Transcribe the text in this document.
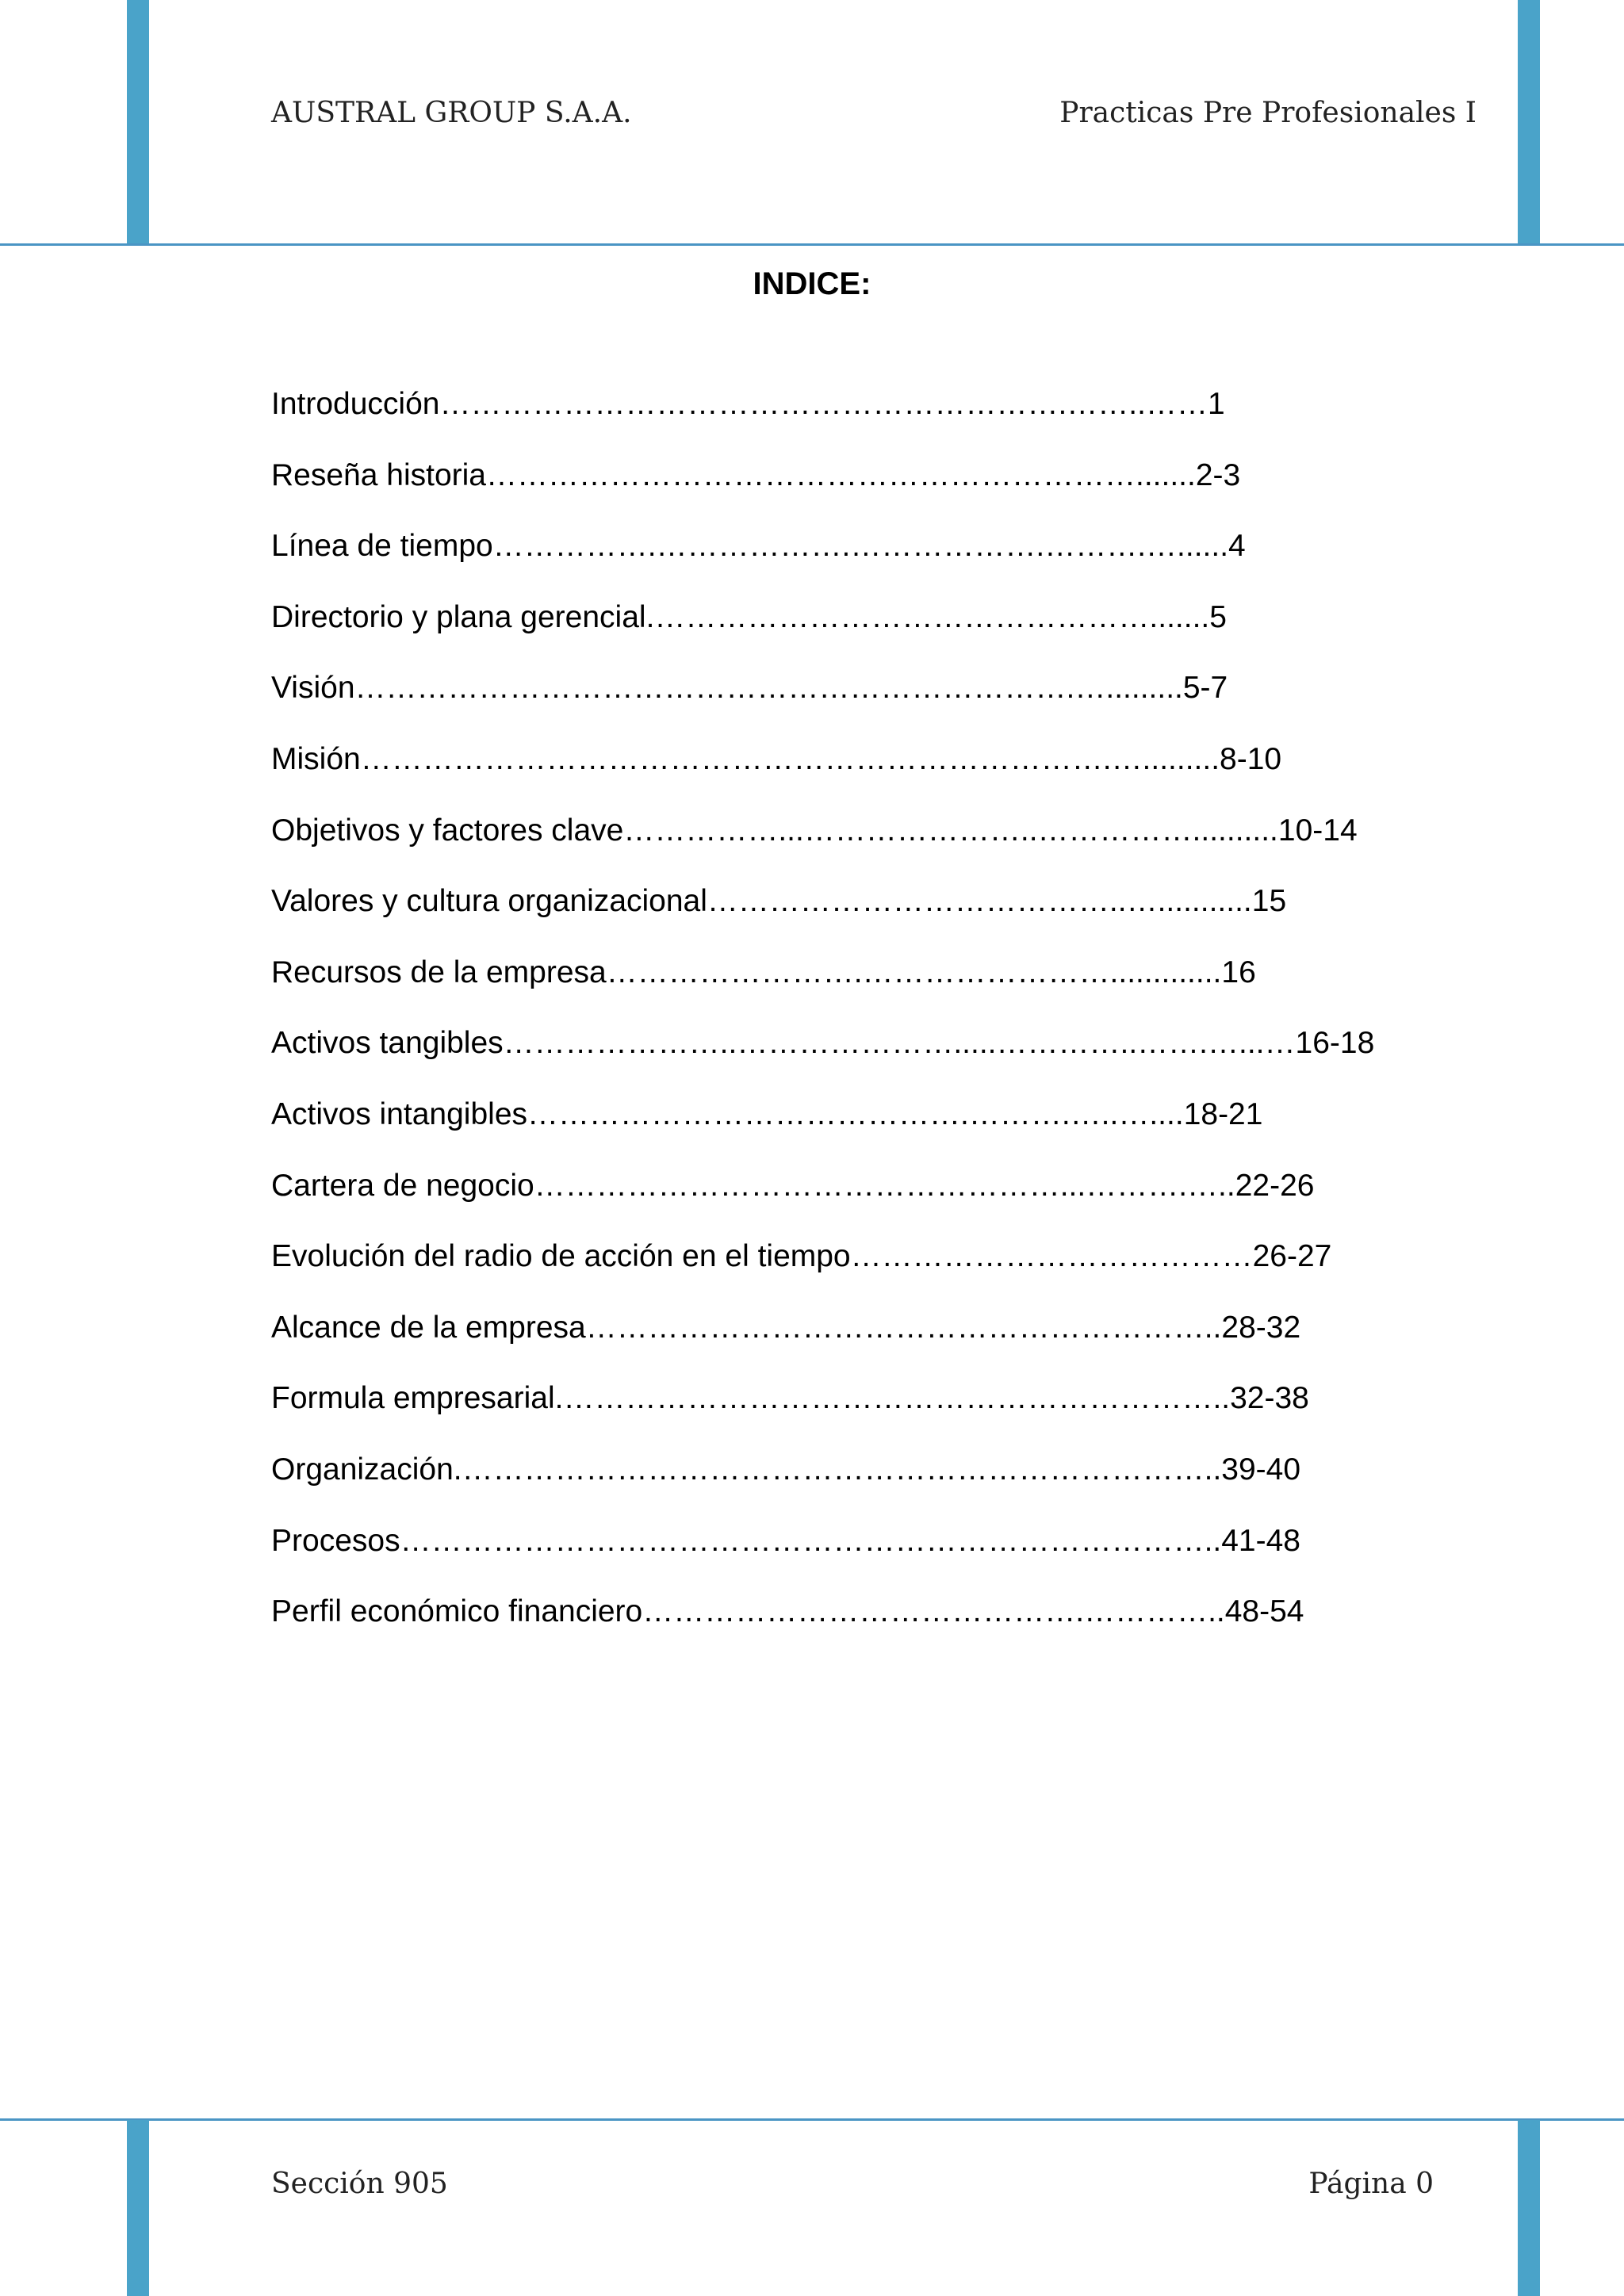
AUSTRAL GROUP S.A.A.	Practicas Pre Profesionales I
INDICE:
Introducción…………………………………………………….……..……1
Reseña historia……………………………………………………….......2-3
Línea de tiempo…………….……………….……………….……….…......4
Directorio y plana gerencial.………………………………………….......5
Visión…………………………………………………………….….........5-7
Misión……………………………………………………………….….........8-10
Objetivos y factores clave……………...…………………..……………..........10-14
Valores y cultura organizacional…………………………………..…...........15
Recursos de la empresa…………………….…………………….............16
Activos tangibles…………………..………………….....…………..…….…...…16-18
Activos intangibles…………………………………….……….…..…....18-21
Cartera de negocio……………………………………………...……….…..22-26
Evolución del radio de acción en el tiempo…………………………………26-27
Alcance de la empresa……………………………………………………..28-32
Formula empresarial.………………………………………………………..32-38
Organización.………………………………………………………………..39-40
Procesos……………………………………………………………………..41-48
Perfil económico financiero…………………………………….…………..48-54
Sección 905	Página 0
